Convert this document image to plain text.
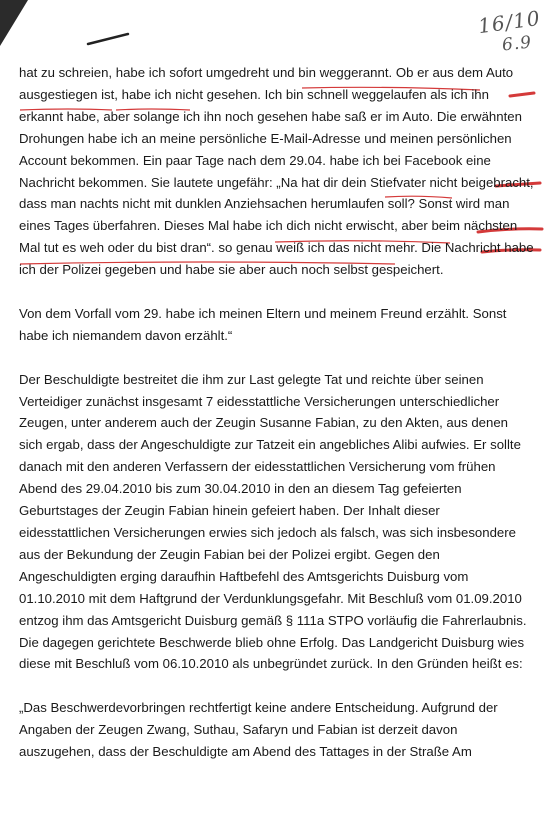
16/10
6.9

hat zu schreien, habe ich sofort umgedreht und bin weggerannt. Ob er aus dem Auto ausgestiegen ist, habe ich nicht gesehen. Ich bin schnell weggelaufen als ich ihn erkannt habe, aber solange ich ihn noch gesehen habe saß er im Auto. Die erwähnten Drohungen habe ich an meine persönliche E-Mail-Adresse und meinen persönlichen Account bekommen. Ein paar Tage nach dem 29.04. habe ich bei Facebook eine Nachricht bekommen. Sie lautete ungefähr: „Na hat dir dein Stiefvater nicht beigebracht, dass man nachts nicht mit dunklen Anziehsachen herumlaufen soll? Sonst wird man eines Tages überfahren. Dieses Mal habe ich dich nicht erwischt, aber beim nächsten Mal tut es weh oder du bist dran“. so genau weiß ich das nicht mehr. Die Nachricht habe ich der Polizei gegeben und habe sie aber auch noch selbst gespeichert.

Von dem Vorfall vom 29. habe ich meinen Eltern und meinem Freund erzählt. Sonst habe ich niemandem davon erzählt.“

Der Beschuldigte bestreitet die ihm zur Last gelegte Tat und reichte über seinen Verteidiger zunächst insgesamt 7 eidesstattliche Versicherungen unterschiedlicher Zeugen, unter anderem auch der Zeugin Susanne Fabian, zu den Akten, aus denen sich ergab, dass der Angeschuldigte zur Tatzeit ein angebliches Alibi aufwies. Er sollte danach mit den anderen Verfassern der eidesstattlichen Versicherung vom frühen Abend des 29.04.2010 bis zum 30.04.2010 in den an diesem Tag gefeierten Geburtstages der Zeugin Fabian hinein gefeiert haben. Der Inhalt dieser eidesstattlichen Versicherungen erwies sich jedoch als falsch, was sich insbesondere aus der Bekundung der Zeugin Fabian bei der Polizei ergibt. Gegen den Angeschuldigten erging daraufhin Haftbefehl des Amtsgerichts Duisburg vom 01.10.2010 mit dem Haftgrund der Verdunklungsgefahr. Mit Beschluß vom 01.09.2010 entzog ihm das Amtsgericht Duisburg gemäß § 111a STPO vorläufig die Fahrerlaubnis. Die dagegen gerichtete Beschwerde blieb ohne Erfolg. Das Landgericht Duisburg wies diese mit Beschluß vom 06.10.2010 als unbegründet zurück. In den Gründen heißt es:

„Das Beschwerdevorbringen rechtfertigt keine andere Entscheidung. Aufgrund der Angaben der Zeugen Zwang, Suthau, Safaryn und Fabian ist derzeit davon auszugehen, dass der Beschuldigte am Abend des Tattages in der Straße Am
